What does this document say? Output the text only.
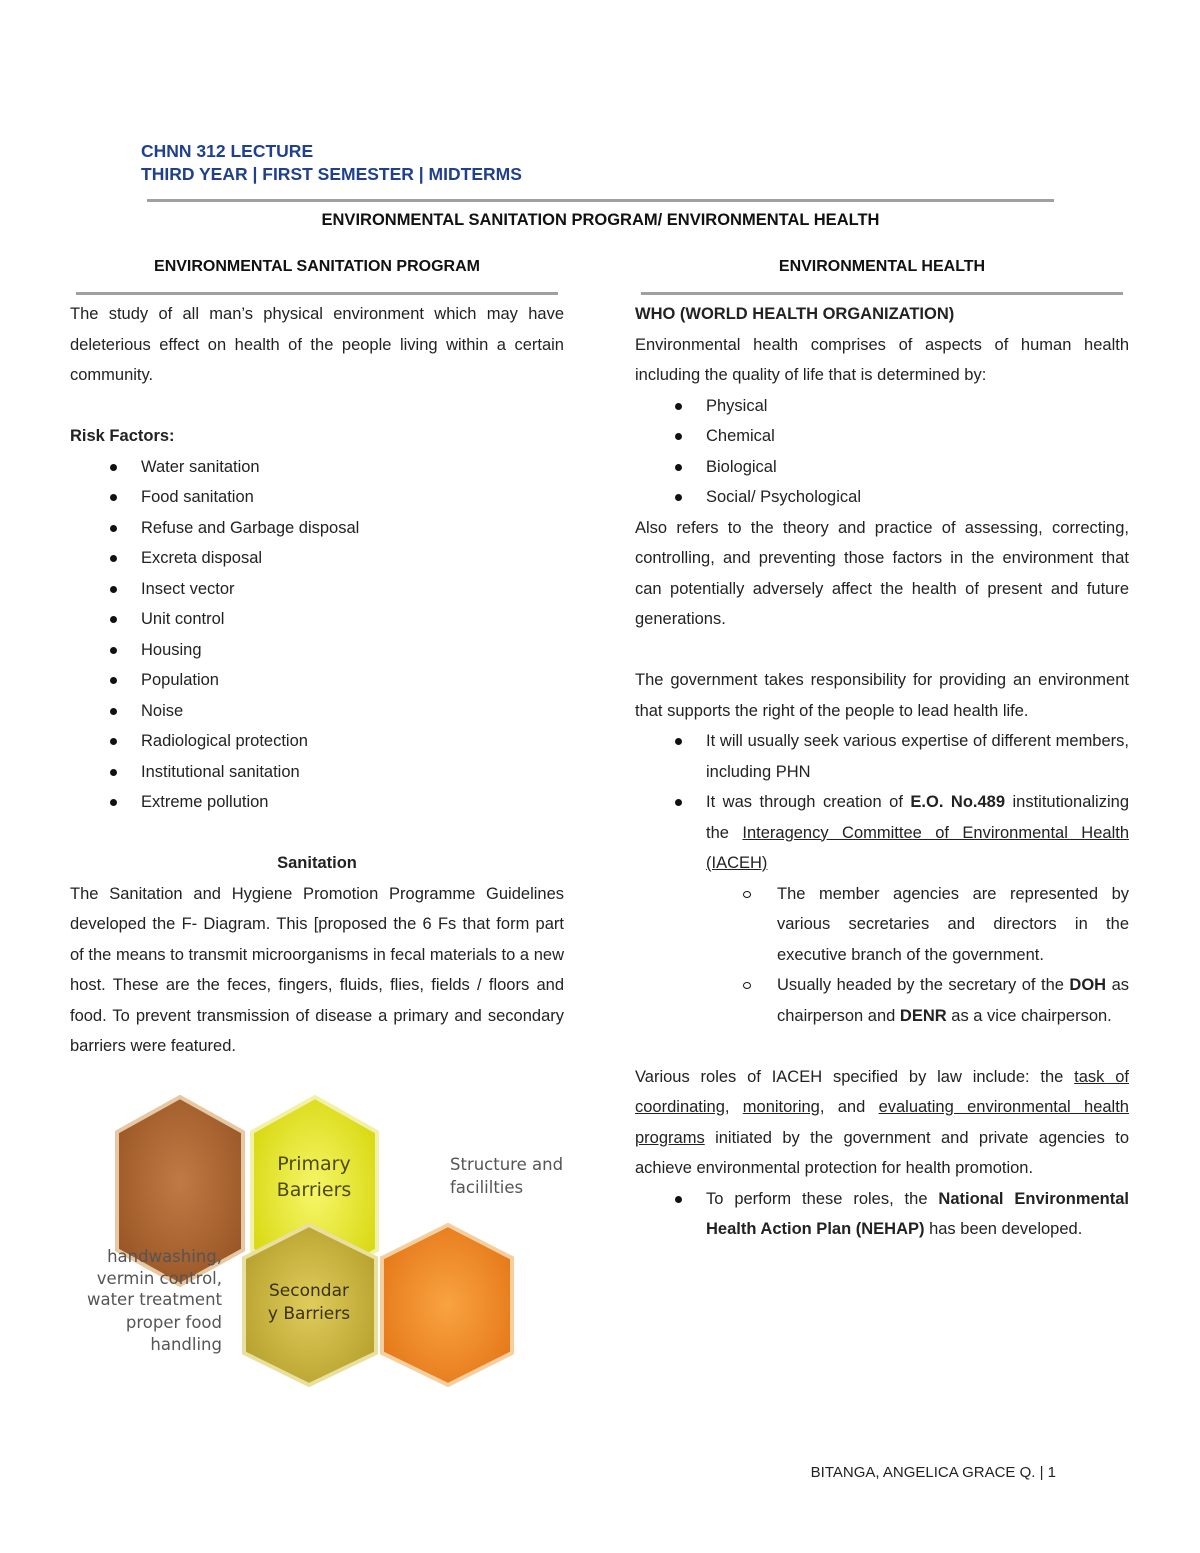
CHNN 312 LECTURE
THIRD YEAR | FIRST SEMESTER | MIDTERMS
ENVIRONMENTAL SANITATION PROGRAM/ ENVIRONMENTAL HEALTH
ENVIRONMENTAL SANITATION PROGRAM	ENVIRONMENTAL HEALTH
The study of all man’s physical environment which may have deleterious effect on health of the people living within a certain community.
Risk Factors:
Water sanitation
Food sanitation
Refuse and Garbage disposal
Excreta disposal
Insect vector
Unit control
Housing
Population
Noise
Radiological protection
Institutional sanitation
Extreme pollution
Sanitation
The Sanitation and Hygiene Promotion Programme Guidelines developed the F- Diagram. This [proposed the 6 Fs that form part of the means to transmit microorganisms in fecal materials to a new host. These are the feces, fingers, fluids, flies, fields / floors and food. To prevent transmission of disease a primary and secondary barriers were featured.
Primary
Barriers
Secondar
y Barriers
Structure and
facililties
handwashing,
vermin control,
water treatment
proper food
handling
WHO (WORLD HEALTH ORGANIZATION)
Environmental health comprises of aspects of human health including the quality of life that is determined by:
Physical
Chemical
Biological
Social/ Psychological
Also refers to the theory and practice of assessing, correcting, controlling, and preventing those factors in the environment that can potentially adversely affect the health of present and future generations.
The government takes responsibility for providing an environment that supports the right of the people to lead health life.
It will usually seek various expertise of different members, including PHN
It was through creation of E.O. No.489 institutionalizing the Interagency Committee of Environmental Health (IACEH)
The member agencies are represented by various secretaries and directors in the executive branch of the government.
Usually headed by the secretary of the DOH as chairperson and DENR as a vice chairperson.
Various roles of IACEH specified by law include: the task of coordinating, monitoring, and evaluating environmental health programs initiated by the government and private agencies to achieve environmental protection for health promotion.
To perform these roles, the National Environmental Health Action Plan (NEHAP) has been developed.
BITANGA, ANGELICA GRACE Q. | 1
